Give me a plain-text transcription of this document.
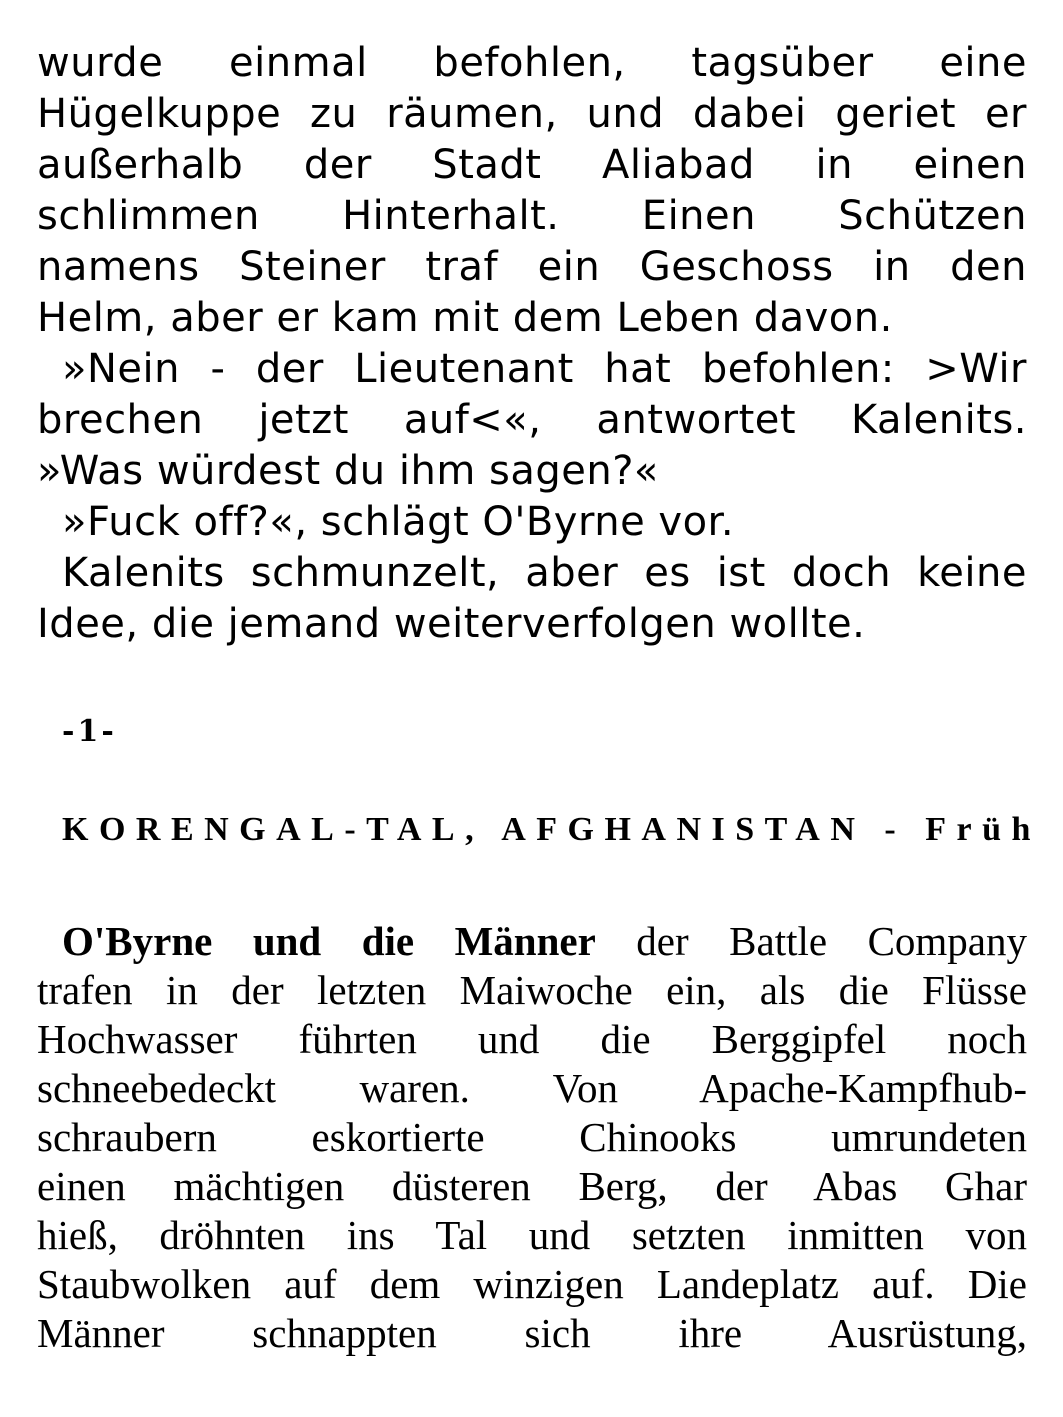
wurde einmal befohlen, tagsüber eine
Hügelkuppe zu räumen, und dabei geriet er
außerhalb der Stadt Aliabad in einen
schlimmen Hinterhalt. Einen Schützen
namens Steiner traf ein Geschoss in den
Helm, aber er kam mit dem Leben davon.
»Nein - der Lieutenant hat befohlen: >Wir
brechen jetzt auf<«, antwortet Kalenits.
»Was würdest du ihm sagen?«
»Fuck off?«, schlägt O'Byrne vor.
Kalenits schmunzelt, aber es ist doch keine
Idee, die jemand weiterverfolgen wollte.
-1-
KORENGAL-TAL, AFGHANISTAN - Früh
O'Byrne und die Männer der Battle Company
trafen in der letzten Maiwoche ein, als die Flüsse
Hochwasser führten und die Berggipfel noch
schneebedeckt waren. Von Apache-Kampfhub-
schraubern eskortierte Chinooks umrundeten
einen mächtigen düsteren Berg, der Abas Ghar
hieß, dröhnten ins Tal und setzten inmitten von
Staubwolken auf dem winzigen Landeplatz auf. Die
Männer schnappten sich ihre Ausrüstung,
